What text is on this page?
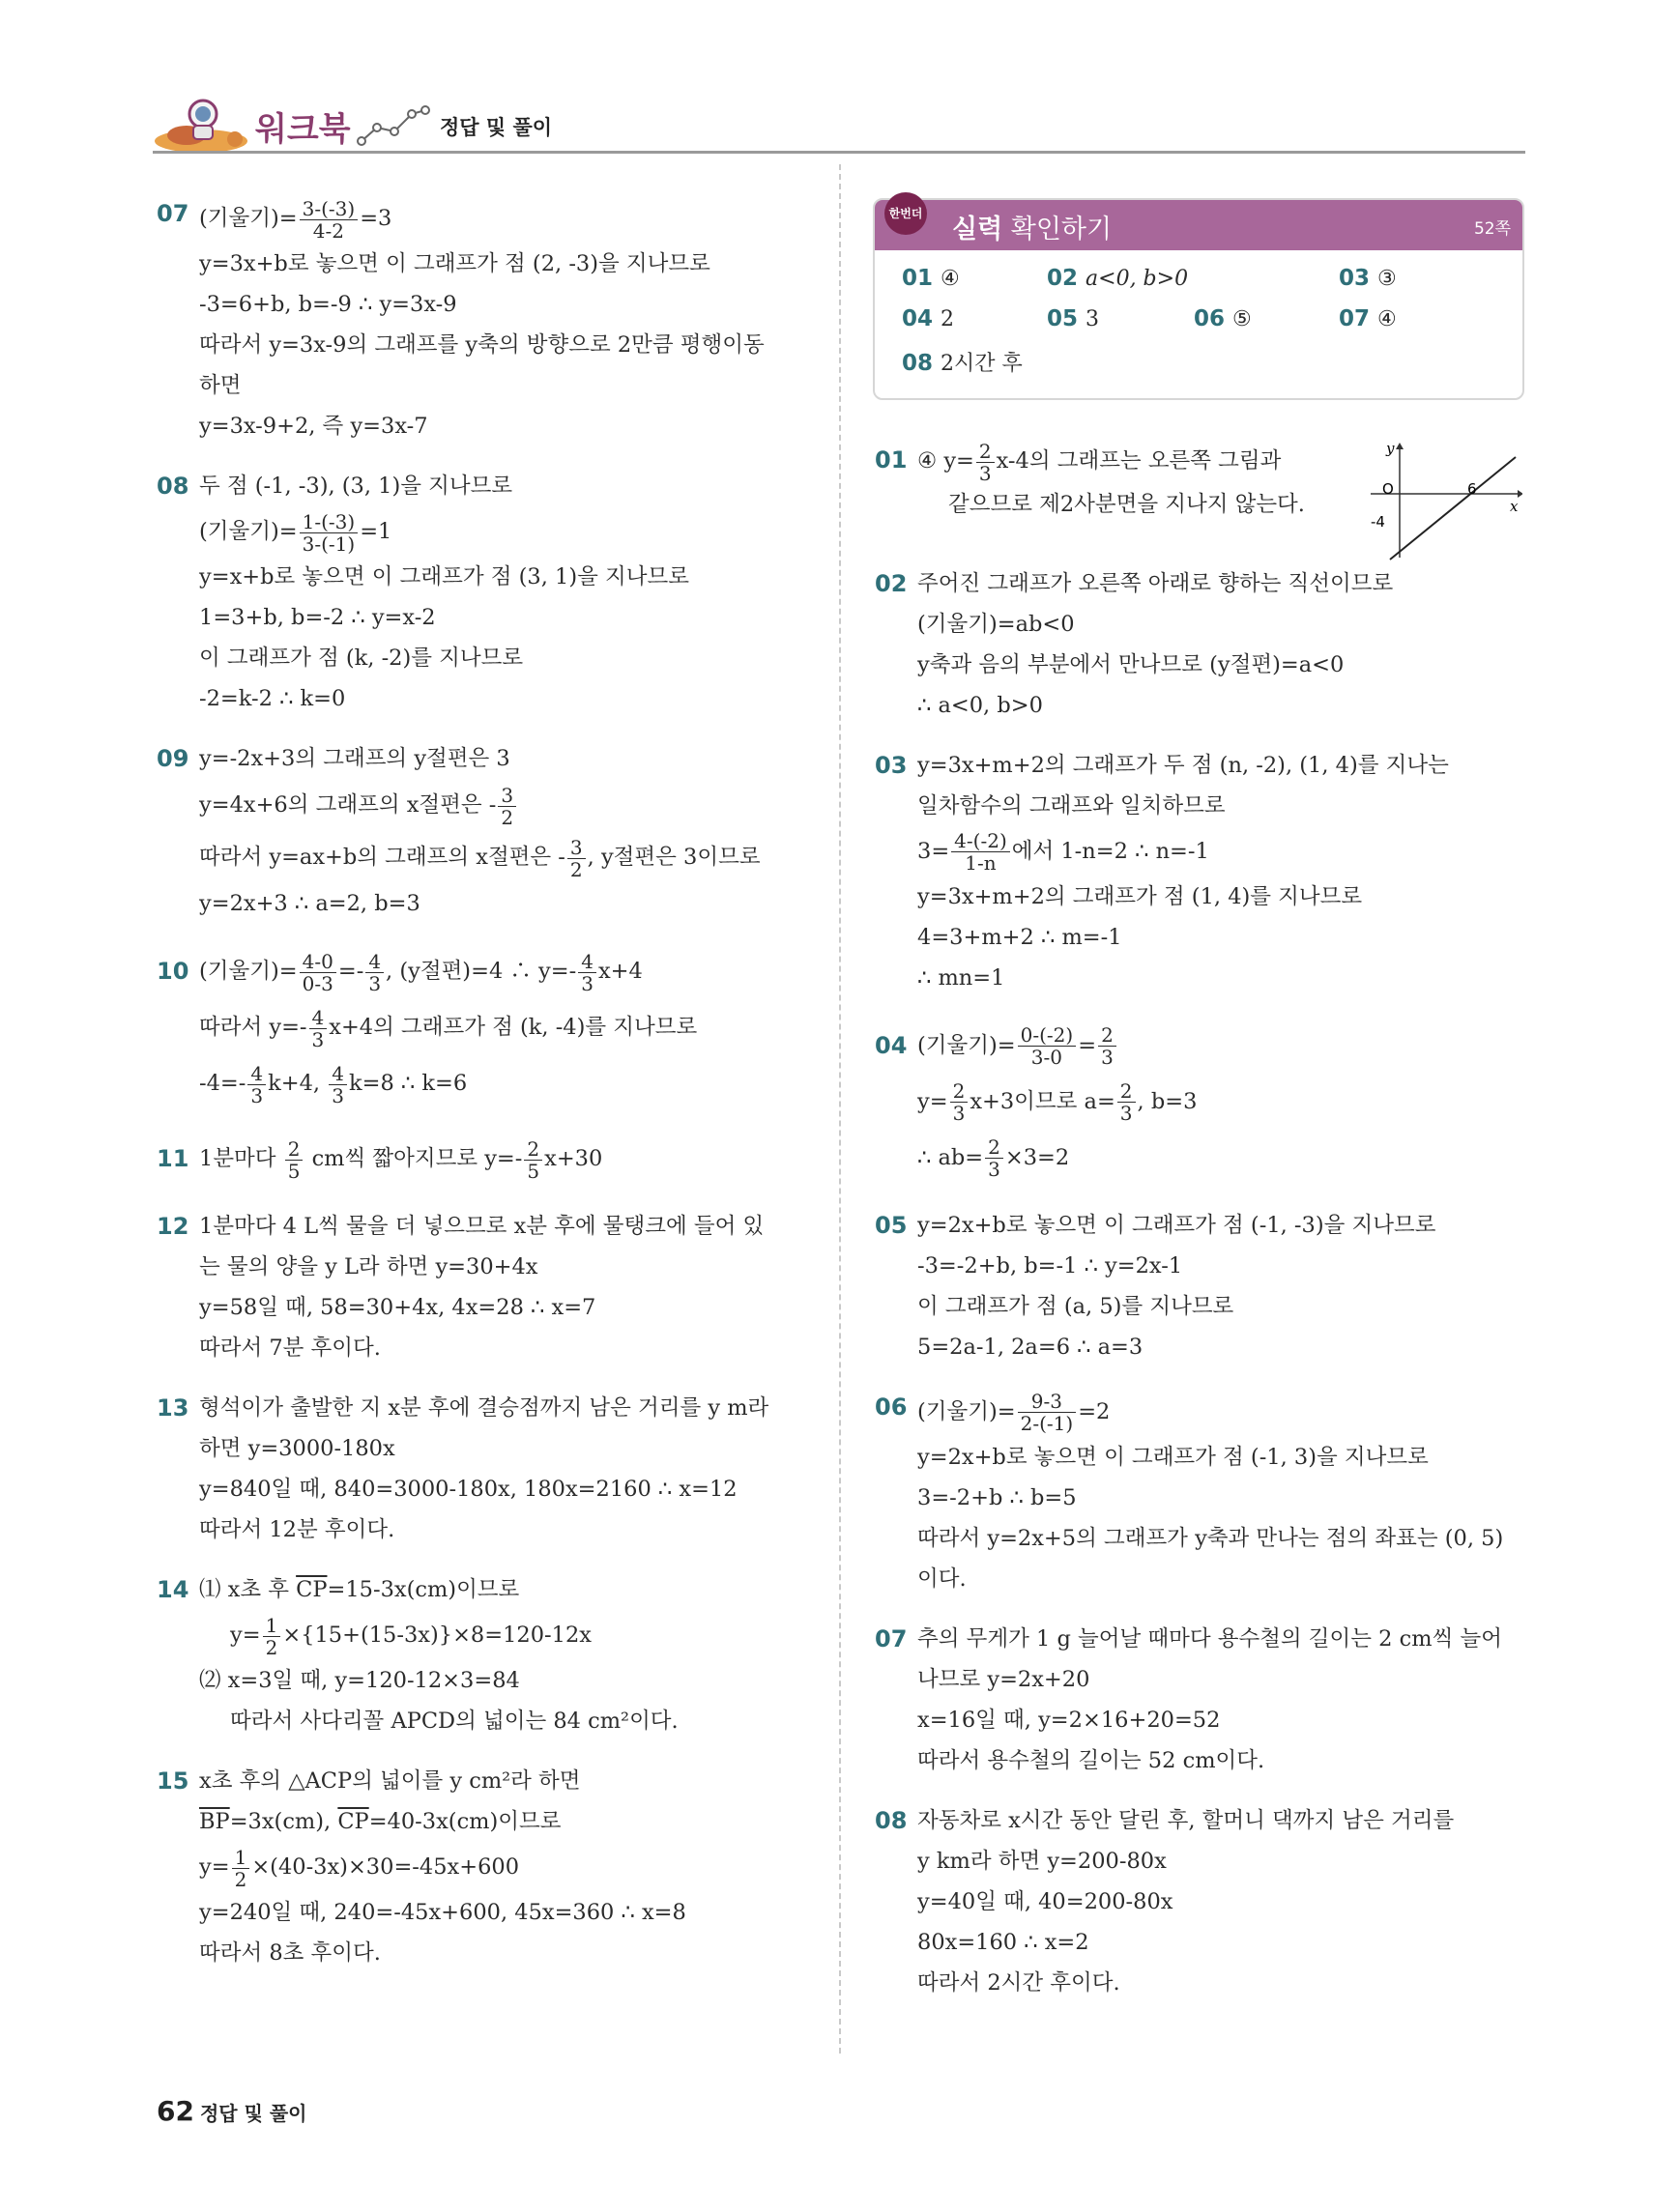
워크북	정답 및 풀이
07 (기울기)= $\frac{3-(-3)}{4-2} =3$
y=3x+b로 놓으면 이 그래프가 점 (2, -3)을 지나므로
-3=6+b, b=-9 ∴ y=3x-9
따라서 y=3x-9의 그래프를 y축의 방향으로 2만큼 평행이동
하면
y=3x-9+2, 즉 y=3x-7
08 두 점 (-1, -3), (3, 1)을 지나므로
(기울기)= $\frac{1-(-3)}{3-(-1)} =1$
y=x+b로 놓으면 이 그래프가 점 (3, 1)을 지나므로
1=3+b, b=-2 ∴ y=x-2
이 그래프가 점 (k, -2)를 지나므로
-2=k-2 ∴ k=0
09 y=-2x+3의 그래프의 y절편은 3
y=4x+6의 그래프의 x절편은 - $\frac{3}{2}$
따라서 y=ax+b의 그래프의 x절편은 - $\frac{3}{2}$ , y절편은 3이므로
y=2x+3 ∴ a=2, b=3
10 (기울기)= $\frac{4-0}{0-3} =- \frac{4}{3}$ , (y절편)=4 ∴ $y=- \frac{4}{3} x+4$
따라서 $y=- \frac{4}{3} x+4$의 그래프가 점 (k, -4)를 지나므로
$-4=- \frac{4}{3} k+4$, $\frac{4}{3} k=8$ ∴ k=6
11 1분마다 $\frac{2}{5}$ cm씩 짧아지므로 $y=- \frac{2}{5} x+30$
12 1분마다 4 L씩 물을 더 넣으므로 x분 후에 물탱크에 들어 있
는 물의 양을 y L라 하면 y=30+4x
y=58일 때, 58=30+4x, 4x=28 ∴ x=7
따라서 7분 후이다.
13 형석이가 출발한 지 x분 후에 결승점까지 남은 거리를 y m라
하면 y=3000-180x
y=840일 때, 840=3000-180x, 180x=2160 ∴ x=12
따라서 12분 후이다.
14 ⑴ x초 후 $\overline{CP}=15-3x(cm)$이므로
$y= \frac{1}{2} \times\{15+(15-3x)\}\times 8=120-12x$
⑵ x=3일 때, y=120-12×3=84
따라서 사다리꼴 APCD의 넓이는 84 cm²이다.
15 x초 후의 △ACP의 넓이를 y cm²라 하면
$\overline{BP}=3x(cm)$, $\overline{CP}=40-3x(cm)$이므로
$y= \frac{1}{2} \times(40-3x)\times 30=-45x+600$
y=240일 때, 240=-45x+600, 45x=360 ∴ x=8
따라서 8초 후이다.
한번더
실력 확인하기	52쪽
01 ④	02 a<0, b>0	03 ③
04 2	05 3	06 ⑤	07 ④
08 2시간 후
y
x
O	6
-4
01 ④ $y= \frac{2}{3} x-4$의 그래프는 오른쪽 그림과
같으므로 제2사분면을 지나지 않는다.
02 주어진 그래프가 오른쪽 아래로 향하는 직선이므로
(기울기)=ab<0
y축과 음의 부분에서 만나므로 (y절편)=a<0
∴ a<0, b>0
03 y=3x+m+2의 그래프가 두 점 (n, -2), (1, 4)를 지나는
일차함수의 그래프와 일치하므로
$3= \frac{4-(-2)}{1-n}$ 에서 1-n=2 ∴ n=-1
y=3x+m+2의 그래프가 점 (1, 4)를 지나므로
4=3+m+2 ∴ m=-1
∴ mn=1
04 (기울기)= $\frac{0-(-2)}{3-0} = \frac{2}{3}$
$y= \frac{2}{3} x+3$이므로 $a= \frac{2}{3}$ , b=3
∴ $ab= \frac{2}{3} \times 3=2$
05 y=2x+b로 놓으면 이 그래프가 점 (-1, -3)을 지나므로
-3=-2+b, b=-1 ∴ y=2x-1
이 그래프가 점 (a, 5)를 지나므로
5=2a-1, 2a=6 ∴ a=3
06 (기울기)= $\frac{9-3}{2-(-1)} =2$
y=2x+b로 놓으면 이 그래프가 점 (-1, 3)을 지나므로
3=-2+b ∴ b=5
따라서 y=2x+5의 그래프가 y축과 만나는 점의 좌표는 (0, 5)
이다.
07 추의 무게가 1 g 늘어날 때마다 용수철의 길이는 2 cm씩 늘어
나므로 y=2x+20
x=16일 때, y=2×16+20=52
따라서 용수철의 길이는 52 cm이다.
08 자동차로 x시간 동안 달린 후, 할머니 댁까지 남은 거리를
y km라 하면 y=200-80x
y=40일 때, 40=200-80x
80x=160 ∴ x=2
따라서 2시간 후이다.
62 정답 및 풀이
